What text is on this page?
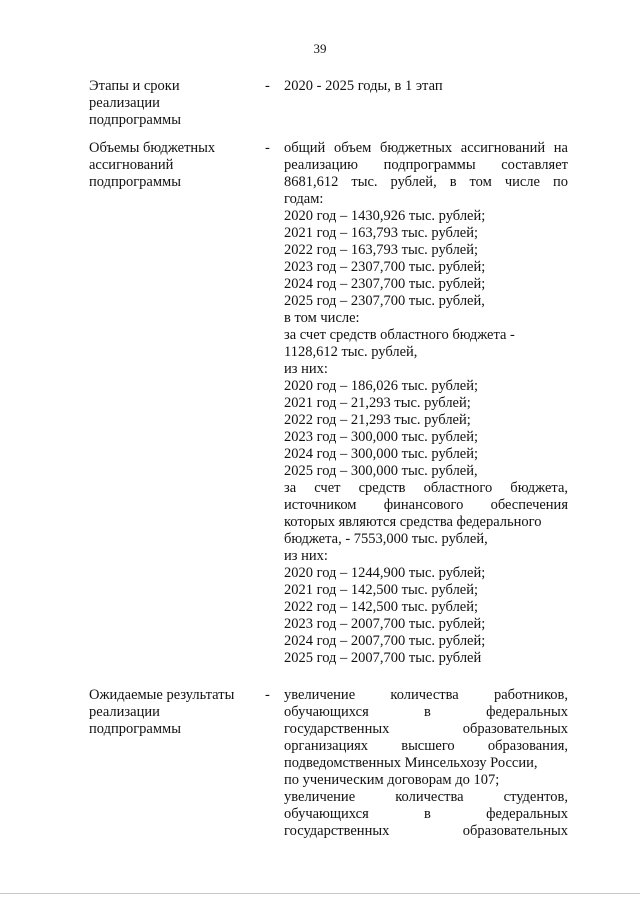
39
Этапы и сроки
реализации
подпрограммы
- 2020 - 2025 годы, в 1 этап
Объемы бюджетных
ассигнований
подпрограммы
- общий объем бюджетных ассигнований на
реализацию подпрограммы составляет
8681,612 тыс. рублей, в том числе по
годам:
2020 год – 1430,926 тыс. рублей;
2021 год – 163,793 тыс. рублей;
2022 год – 163,793 тыс. рублей;
2023 год – 2307,700 тыс. рублей;
2024 год – 2307,700 тыс. рублей;
2025 год – 2307,700 тыс. рублей,
в том числе:
за счет средств областного бюджета -
1128,612 тыс. рублей,
из них:
2020 год – 186,026 тыс. рублей;
2021 год – 21,293 тыс. рублей;
2022 год – 21,293 тыс. рублей;
2023 год – 300,000 тыс. рублей;
2024 год – 300,000 тыс. рублей;
2025 год – 300,000 тыс. рублей,
за счет средств областного бюджета,
источником финансового обеспечения
которых являются средства федерального
бюджета, - 7553,000 тыс. рублей,
из них:
2020 год – 1244,900 тыс. рублей;
2021 год – 142,500 тыс. рублей;
2022 год – 142,500 тыс. рублей;
2023 год – 2007,700 тыс. рублей;
2024 год – 2007,700 тыс. рублей;
2025 год – 2007,700 тыс. рублей
Ожидаемые результаты
реализации
подпрограммы
- увеличение количества работников,
обучающихся в федеральных
государственных образовательных
организациях высшего образования,
подведомственных Минсельхозу России,
по ученическим договорам до 107;
увеличение количества студентов,
обучающихся в федеральных
государственных образовательных
